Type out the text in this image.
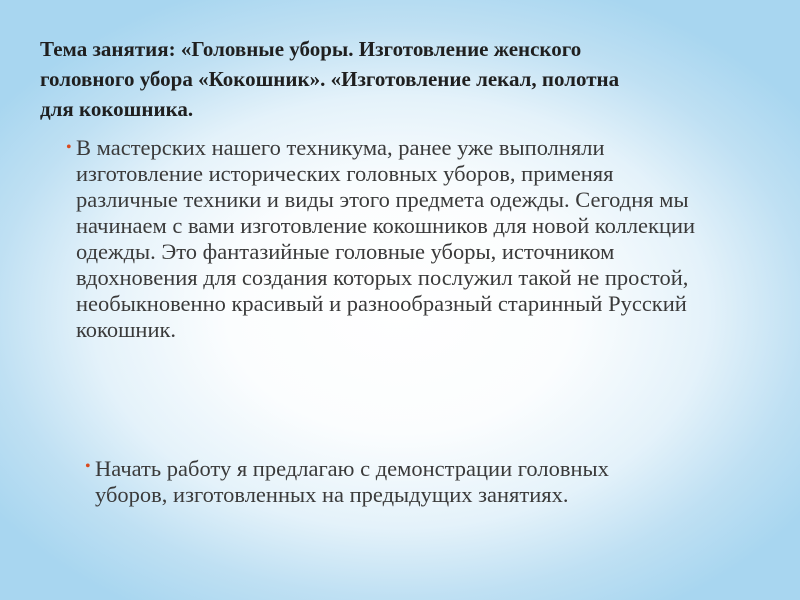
Тема занятия: «Головные уборы. Изготовление женского головного убора «Кокошник». «Изготовление лекал, полотна для кокошника.

• В мастерских нашего техникума, ранее уже выполняли изготовление исторических головных уборов, применяя различные техники и виды этого предмета одежды. Сегодня мы начинаем с вами изготовление кокошников для новой коллекции одежды. Это фантазийные головные уборы, источником вдохновения для создания которых послужил такой не простой, необыкновенно красивый и разнообразный старинный Русский кокошник.

• Начать работу я предлагаю с демонстрации головных уборов, изготовленных на предыдущих занятиях.
